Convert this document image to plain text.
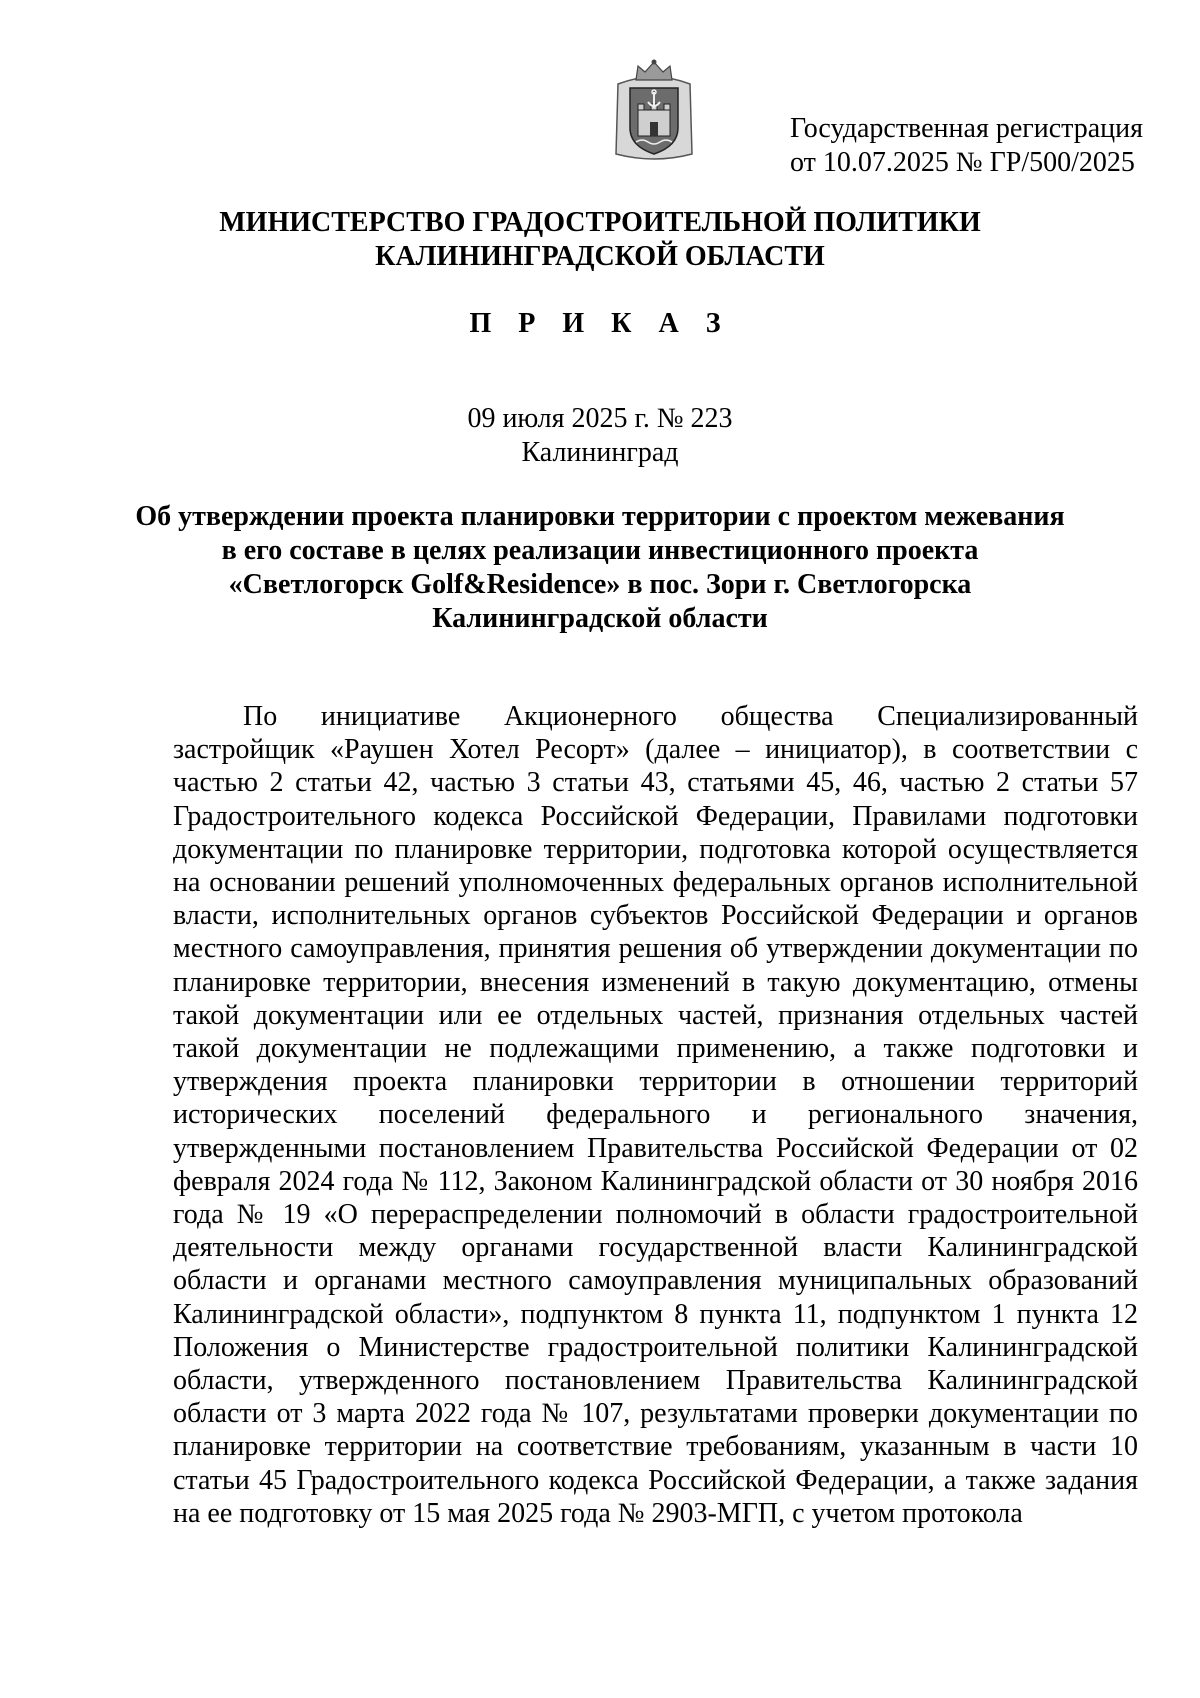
Государственная регистрация
от 10.07.2025 № ГР/500/2025
МИНИСТЕРСТВО ГРАДОСТРОИТЕЛЬНОЙ ПОЛИТИКИ
КАЛИНИНГРАДСКОЙ ОБЛАСТИ
П Р И К А З
09 июля 2025 г. № 223
Калининград
Об утверждении проекта планировки территории с проектом межевания
в его составе в целях реализации инвестиционного проекта
«Светлогорск Golf&Residence» в пос. Зори г. Светлогорска
Калининградской области

По инициативе Акционерного общества Специализированный застройщик «Раушен Хотел Ресорт» (далее – инициатор), в соответствии с частью 2 статьи 42, частью 3 статьи 43, статьями 45, 46, частью 2 статьи 57 Градостроительного кодекса Российской Федерации, Правилами подготовки документации по планировке территории, подготовка которой осуществляется на основании решений уполномоченных федеральных органов исполнительной власти, исполнительных органов субъектов Российской Федерации и органов местного самоуправления, принятия решения об утверждении документации по планировке территории, внесения изменений в такую документацию, отмены такой документации или ее отдельных частей, признания отдельных частей такой документации не подлежащими применению, а также подготовки и утверждения проекта планировки территории в отношении территорий исторических поселений федерального и регионального значения, утвержденными постановлением Правительства Российской Федерации от 02 февраля 2024 года № 112, Законом Калининградской области от 30 ноября 2016 года № 19 «О перераспределении полномочий в области градостроительной деятельности между органами государственной власти Калининградской области и органами местного самоуправления муниципальных образований Калининградской области», подпунктом 8 пункта 11, подпунктом 1 пункта 12 Положения о Министерстве градостроительной политики Калининградской области, утвержденного постановлением Правительства Калининградской области от 3 марта 2022 года № 107, результатами проверки документации по планировке территории на соответствие требованиям, указанным в части 10 статьи 45 Градостроительного кодекса Российской Федерации, а также задания на ее подготовку от 15 мая 2025 года № 2903-МГП, с учетом протокола
